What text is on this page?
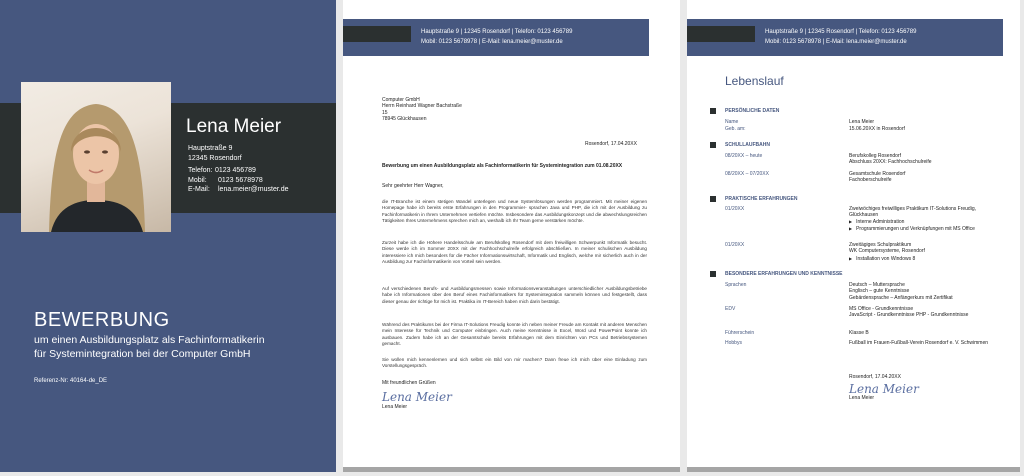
Lena Meier
Hauptstraße 9
12345 Rosendorf
Telefon: 0123 456789
Mobil:	0123 5678978
E-Mail:	lena.meier@muster.de
BEWERBUNG
um einen Ausbildungsplatz als Fachinformatikerin für Systemintegration bei der Computer GmbH
Referenz-Nr: 40164-de_DE
Hauptstraße 9 | 12345 Rosendorf | Telefon: 0123 456789
Mobil: 0123 5678978 | E-Mail: lena.meier@muster.de
Computer GmbH
Herrn Reinhard Wagner Bachstraße
15
78945 Glückhausen
Rosendorf, 17.04.20XX
Bewerbung um einen Ausbildungsplatz als Fachinformatikerin für Systemintegration zum 01.08.20XX
Sehr geehrter Herr Wagner,
die IT-Branche ist einem stetigen Wandel unterlegen und neue Systemlösungen werden programmiert. Mit meiner eigenen Homepage habe ich bereits erste Erfahrungen in den Programmier- sprachen Java und PHP, die ich mit der Ausbildung zu Fachinformatikerin in Ihrem Unternehmen vertiefen möchte. Insbesondere das Ausbildungskonzept und die abwechslungsreichen Tätigkeiten Ihres Unternehmens sprechen mich an, weshalb ich Ihr Team gerne verstärken möchte.
Zurzeit habe ich die Höhere Handelsschule am Berufskolleg Rosendorf mit dem freiwilligen Schwerpunkt Informatik besucht. Diese werde ich im Sommer 20XX mit der Fachhochschulreife erfolgreich abschließen. In meiner schulischen Ausbildung interessiere ich mich besonders für die Fächer Informationswirtschaft, Informatik und Englisch, welche mir sicherlich auch in der Ausbildung zur Fachinformatikerin von Vorteil sein werden.
Auf verschiedenen Berufs- und Ausbildungsmessen sowie Informationsveranstaltungen unterschiedlicher Ausbildungsbetriebe habe ich Informationen über den Beruf eines Fachinformatikers für Systemintegration sammeln können und festgestellt, dass dieser genau der richtige für mich ist. Praktika im IT-Bereich haben mich darin bestätigt.
Während des Praktikums bei der Firma IT-Solutions Freudig konnte ich neben meiner Freude am Kontakt mit anderen Menschen mein Interesse für Technik und Computer einbringen. Auch meine Kenntnisse in Excel, Word und PowerPoint konnte ich ausbauen. Zudem habe ich an der Gesamtschule bereits Erfahrungen mit dem Einrichten von PCs und Betriebssystemen gemacht.
Sie wollen mich kennenlernen und sich selbst ein Bild von mir machen? Dann freue ich mich über eine Einladung zum Vorstellungsgespräch.
Mit freundlichen Grüßen
Lena Meier
Lena Meier
Hauptstraße 9 | 12345 Rosendorf | Telefon: 0123 456789
Mobil: 0123 5678978 | E-Mail: lena.meier@muster.de
Lebenslauf
PERSÖNLICHE DATEN
Name	Lena Meier
Geb. am:	15.06.20XX in Rosendorf
SCHULLAUFBAHN
08/20XX – heute	Berufskolleg Rosendorf
Abschluss 20XX: Fachhochschulreife
08/20XX – 07/20XX	Gesamtschule Rosendorf
Fachoberschulreife
PRAKTISCHE ERFAHRUNGEN
01/20XX	Zweiwöchiges freiwilliges Praktikum IT-Solutions Freudig, Glückhausen
▶ Interne Administration
▶ Programmierungen und Verknüpfungen mit MS Office
01/20XX	Zweitägiges Schulpraktikum
WK Computersysteme, Rosendorf
▶ Installation von Windows 8
BESONDERE ERFAHRUNGEN UND KENNTNISSE
Sprachen	Deutsch – Muttersprache
Englisch – gute Kenntnisse
Gebärdensprache – Anfängerkurs mit Zertifikat
EDV	MS Office - Grundkenntnisse
JavaScript - Grundkenntnisse PHP - Grundkenntnisse
Führerschein	Klasse B
Hobbys	Fußball im Frauen-Fußball-Verein Rosendorf e. V. Schwimmen
Rosendorf, 17.04.20XX
Lena Meier
Lena Meier
